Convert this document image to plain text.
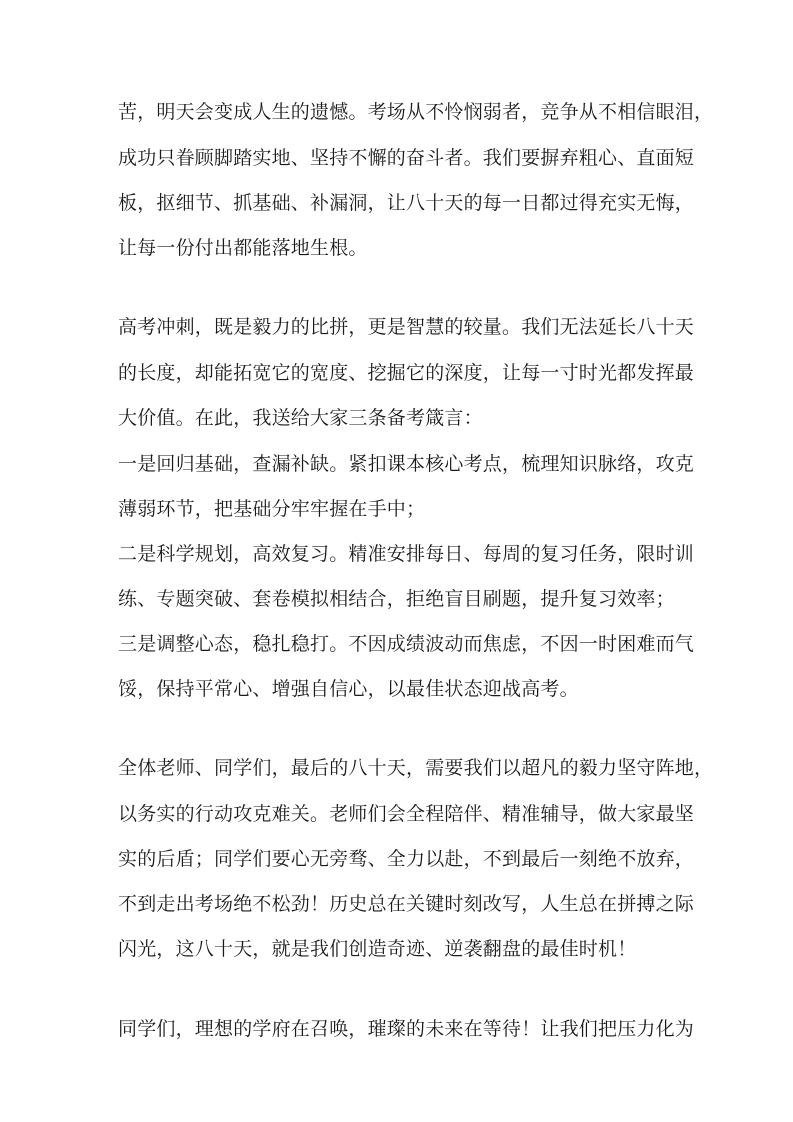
苦，明天会变成人生的遗憾。考场从不怜悯弱者，竞争从不相信眼泪，
成功只眷顾脚踏实地、坚持不懈的奋斗者。我们要摒弃粗心、直面短
板，抠细节、抓基础、补漏洞，让八十天的每一日都过得充实无悔，
让每一份付出都能落地生根。
高考冲刺，既是毅力的比拼，更是智慧的较量。我们无法延长八十天
的长度，却能拓宽它的宽度、挖掘它的深度，让每一寸时光都发挥最
大价值。在此，我送给大家三条备考箴言：
一是回归基础，查漏补缺。紧扣课本核心考点，梳理知识脉络，攻克
薄弱环节，把基础分牢牢握在手中；
二是科学规划，高效复习。精准安排每日、每周的复习任务，限时训
练、专题突破、套卷模拟相结合，拒绝盲目刷题，提升复习效率；
三是调整心态，稳扎稳打。不因成绩波动而焦虑，不因一时困难而气
馁，保持平常心、增强自信心，以最佳状态迎战高考。
全体老师、同学们，最后的八十天，需要我们以超凡的毅力坚守阵地，
以务实的行动攻克难关。老师们会全程陪伴、精准辅导，做大家最坚
实的后盾；同学们要心无旁骛、全力以赴，不到最后一刻绝不放弃，
不到走出考场绝不松劲！历史总在关键时刻改写，人生总在拼搏之际
闪光，这八十天，就是我们创造奇迹、逆袭翻盘的最佳时机！
同学们，理想的学府在召唤，璀璨的未来在等待！让我们把压力化为
